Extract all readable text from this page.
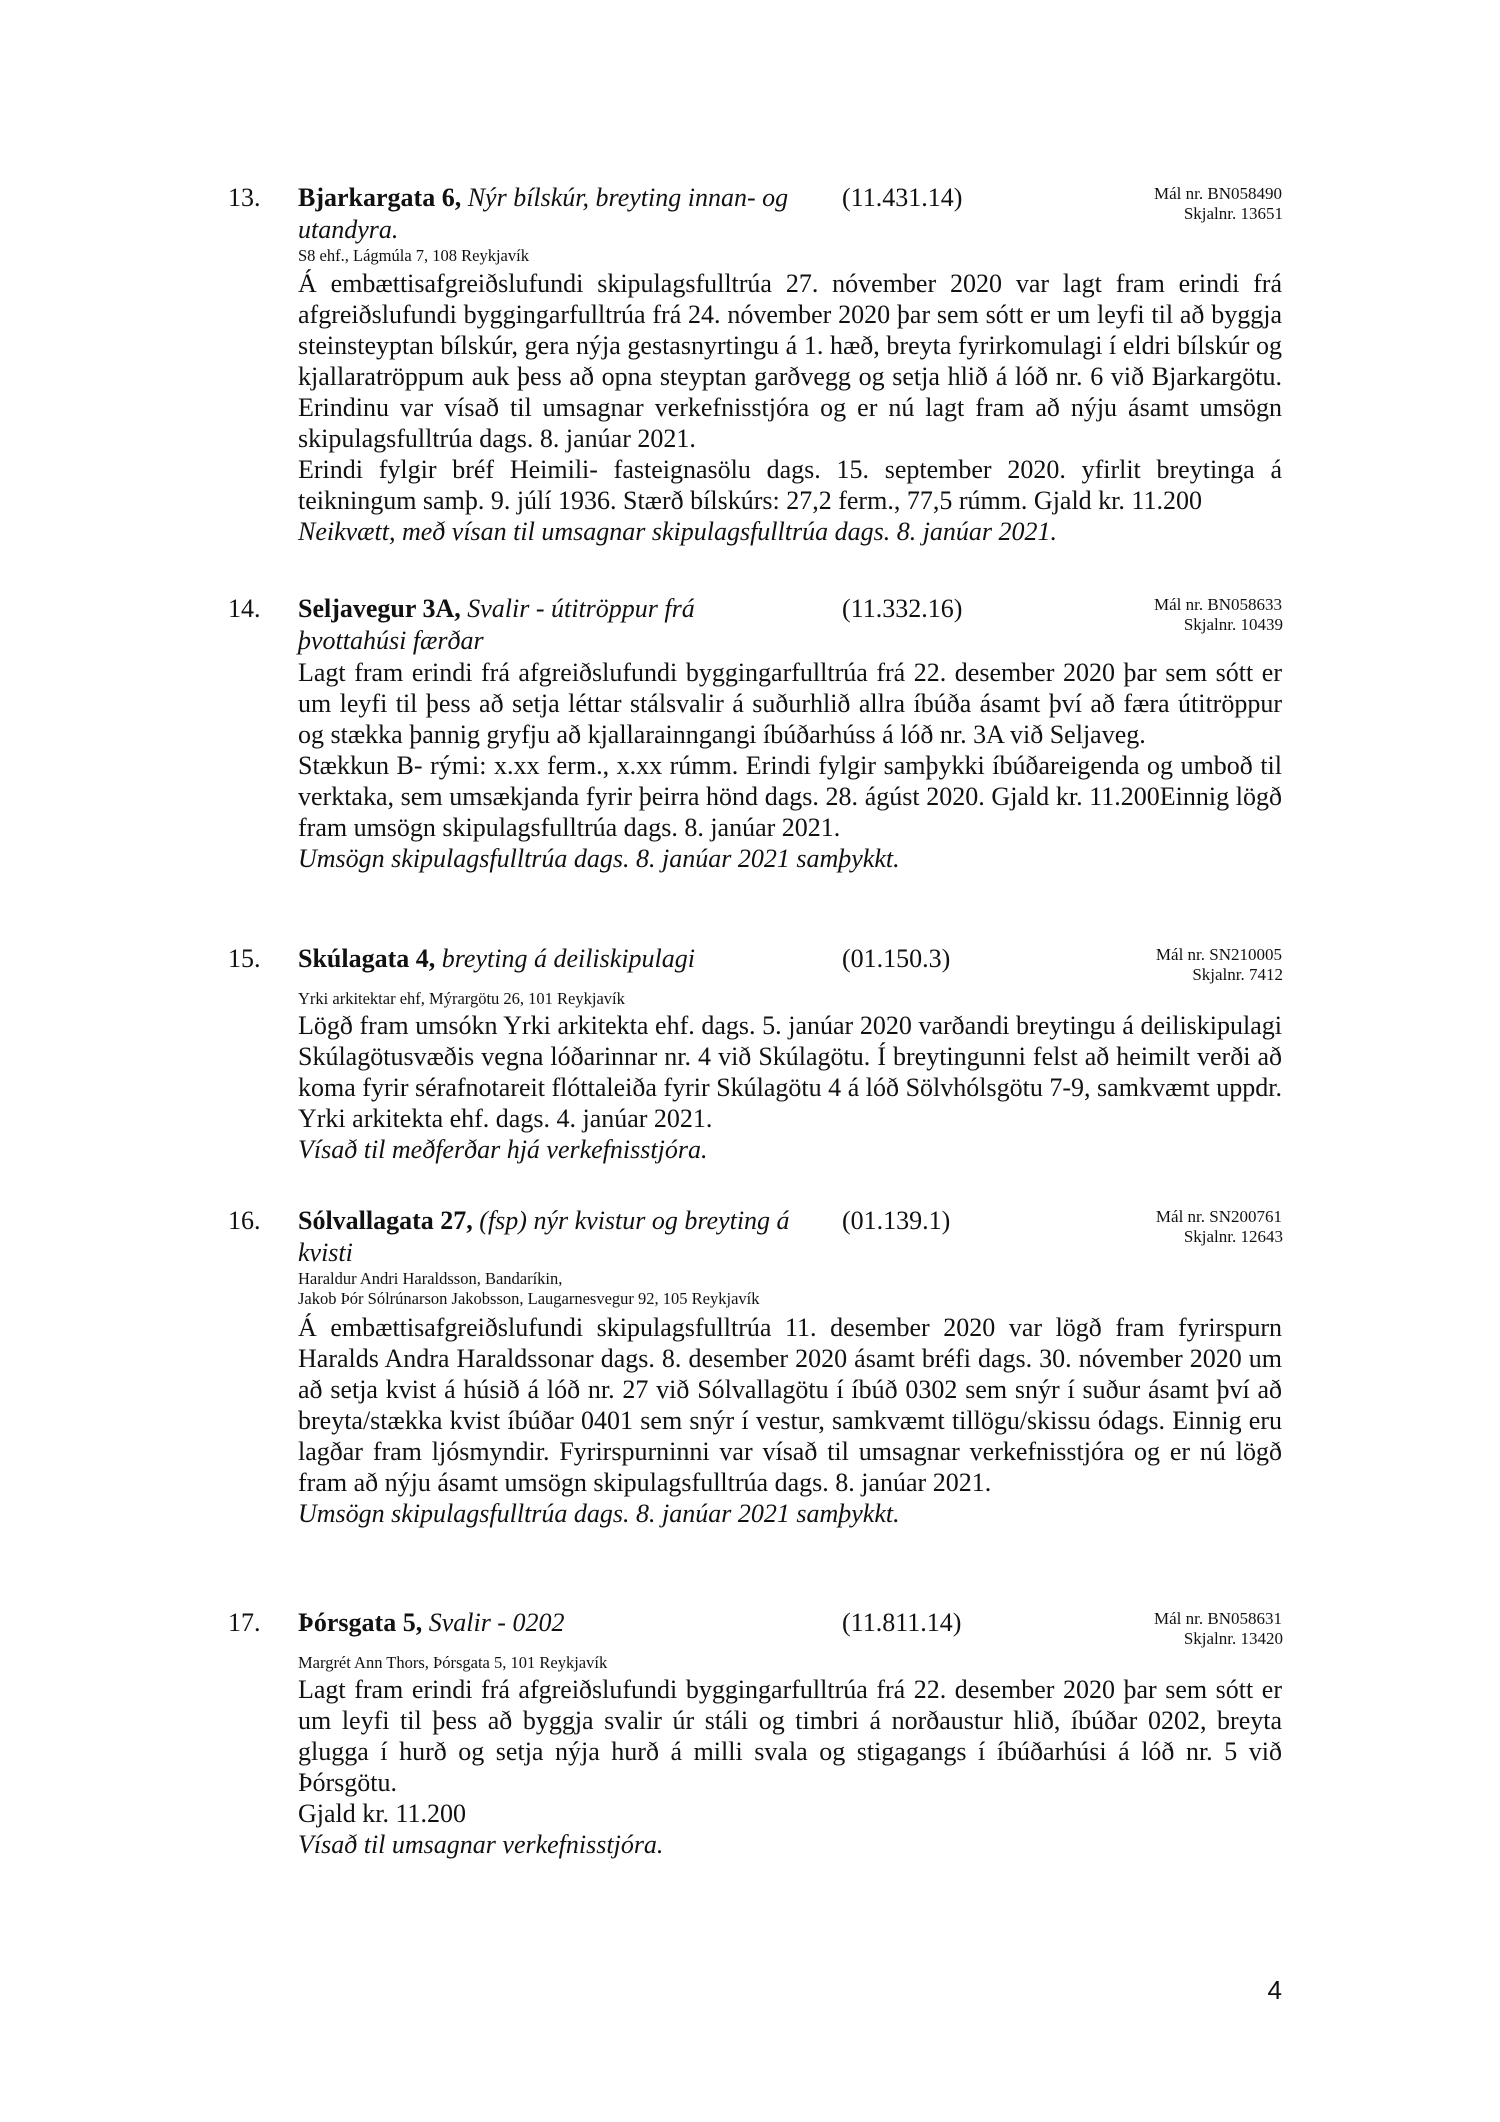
13. Bjarkargata 6, Nýr bílskúr, breyting innan- og utandyra.
(11.431.14)	Mál nr. BN058490
Skjalnr. 13651
S8 ehf., Lágmúla 7, 108 Reykjavík

Á embættisafgreiðslufundi skipulagsfulltrúa 27. nóvember 2020 var lagt fram erindi frá afgreiðslufundi byggingarfulltrúa frá 24. nóvember 2020 þar sem sótt er um leyfi til að byggja steinsteyptan bílskúr, gera nýja gestasnyrtingu á 1. hæð, breyta fyrirkomulagi í eldri bílskúr og kjallaratröppum auk þess að opna steyptan garðvegg og setja hlið á lóð nr. 6 við Bjarkargötu. Erindinu var vísað til umsagnar verkefnisstjóra og er nú lagt fram að nýju ásamt umsögn skipulagsfulltrúa dags. 8. janúar 2021.

Erindi fylgir bréf Heimili- fasteignasölu dags. 15. september 2020. yfirlit breytinga á teikningum samþ. 9. júlí 1936. Stærð bílskúrs: 27,2 ferm., 77,5 rúmm. Gjald kr. 11.200

Neikvætt, með vísan til umsagnar skipulagsfulltrúa dags. 8. janúar 2021.

14. Seljavegur 3A, Svalir - útitröppur frá þvottahúsi færðar
(11.332.16)	Mál nr. BN058633
Skjalnr. 10439

Lagt fram erindi frá afgreiðslufundi byggingarfulltrúa frá 22. desember 2020 þar sem sótt er um leyfi til þess að setja léttar stálsvalir á suðurhlið allra íbúða ásamt því að færa útitröppur og stækka þannig gryfju að kjallarainngangi íbúðarhúss á lóð nr. 3A við Seljaveg.

Stækkun B- rými: x.xx ferm., x.xx rúmm. Erindi fylgir samþykki íbúðareigenda og umboð til verktaka, sem umsækjanda fyrir þeirra hönd dags. 28. ágúst 2020. Gjald kr. 11.200Einnig lögð fram umsögn skipulagsfulltrúa dags. 8. janúar 2021.

Umsögn skipulagsfulltrúa dags. 8. janúar 2021 samþykkt.

15. Skúlagata 4, breyting á deiliskipulagi	(01.150.3)	Mál nr. SN210005
Skjalnr. 7412
Yrki arkitektar ehf, Mýrargötu 26, 101 Reykjavík

Lögð fram umsókn Yrki arkitekta ehf. dags. 5. janúar 2020 varðandi breytingu á deiliskipulagi Skúlagötusvæðis vegna lóðarinnar nr. 4 við Skúlagötu. Í breytingunni felst að heimilt verði að koma fyrir sérafnotareit flóttaleiða fyrir Skúlagötu 4 á lóð Sölvhólsgötu 7-9, samkvæmt uppdr. Yrki arkitekta ehf. dags. 4. janúar 2021.

Vísað til meðferðar hjá verkefnisstjóra.

16. Sólvallagata 27, (fsp) nýr kvistur og breyting á kvisti
(01.139.1)	Mál nr. SN200761
Skjalnr. 12643
Haraldur Andri Haraldsson, Bandaríkin,
Jakob Þór Sólrúnarson Jakobsson, Laugarnesvegur 92, 105 Reykjavík

Á embættisafgreiðslufundi skipulagsfulltrúa 11. desember 2020 var lögð fram fyrirspurn Haralds Andra Haraldssonar dags. 8. desember 2020 ásamt bréfi dags. 30. nóvember 2020 um að setja kvist á húsið á lóð nr. 27 við Sólvallagötu í íbúð 0302 sem snýr í suður ásamt því að breyta/stækka kvist íbúðar 0401 sem snýr í vestur, samkvæmt tillögu/skissu ódags. Einnig eru lagðar fram ljósmyndir. Fyrirspurninni var vísað til umsagnar verkefnisstjóra og er nú lögð fram að nýju ásamt umsögn skipulagsfulltrúa dags. 8. janúar 2021.

Umsögn skipulagsfulltrúa dags. 8. janúar 2021 samþykkt.

17. Þórsgata 5, Svalir - 0202	(11.811.14)	Mál nr. BN058631
Skjalnr. 13420
Margrét Ann Thors, Þórsgata 5, 101 Reykjavík

Lagt fram erindi frá afgreiðslufundi byggingarfulltrúa frá 22. desember 2020 þar sem sótt er um leyfi til þess að byggja svalir úr stáli og timbri á norðaustur hlið, íbúðar 0202, breyta glugga í hurð og setja nýja hurð á milli svala og stigagangs í íbúðarhúsi á lóð nr. 5 við Þórsgötu.

Gjald kr. 11.200

Vísað til umsagnar verkefnisstjóra.

4
